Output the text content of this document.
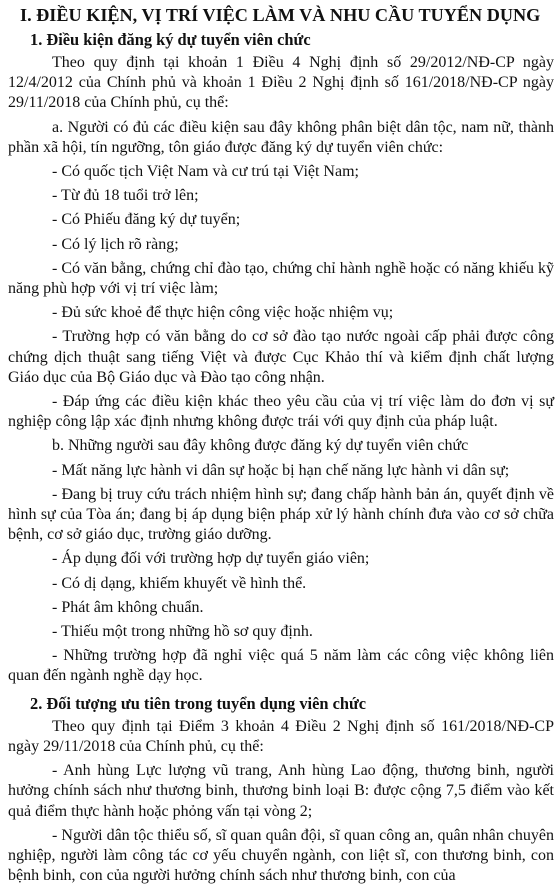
I. ĐIỀU KIỆN, VỊ TRÍ VIỆC LÀM VÀ NHU CẦU TUYỂN DỤNG
1. Điều kiện đăng ký dự tuyển viên chức

Theo quy định tại khoản 1 Điều 4 Nghị định số 29/2012/NĐ-CP ngày 12/4/2012 của Chính phủ và khoản 1 Điều 2 Nghị định số 161/2018/NĐ-CP ngày 29/11/2018 của Chính phủ, cụ thể:

a. Người có đủ các điều kiện sau đây không phân biệt dân tộc, nam nữ, thành phần xã hội, tín ngưỡng, tôn giáo được đăng ký dự tuyển viên chức:

- Có quốc tịch Việt Nam và cư trú tại Việt Nam;

- Từ đủ 18 tuổi trở lên;

- Có Phiếu đăng ký dự tuyển;

- Có lý lịch rõ ràng;

- Có văn bằng, chứng chỉ đào tạo, chứng chỉ hành nghề hoặc có năng khiếu kỹ năng phù hợp với vị trí việc làm;

- Đủ sức khoẻ để thực hiện công việc hoặc nhiệm vụ;

- Trường hợp có văn bằng do cơ sở đào tạo nước ngoài cấp phải được công chứng dịch thuật sang tiếng Việt và được Cục Khảo thí và kiểm định chất lượng Giáo dục của Bộ Giáo dục và Đào tạo công nhận.

- Đáp ứng các điều kiện khác theo yêu cầu của vị trí việc làm do đơn vị sự nghiệp công lập xác định nhưng không được trái với quy định của pháp luật.

b. Những người sau đây không được đăng ký dự tuyển viên chức

- Mất năng lực hành vi dân sự hoặc bị hạn chế năng lực hành vi dân sự;

- Đang bị truy cứu trách nhiệm hình sự; đang chấp hành bản án, quyết định về hình sự của Tòa án; đang bị áp dụng biện pháp xử lý hành chính đưa vào cơ sở chữa bệnh, cơ sở giáo dục, trường giáo dưỡng.

- Áp dụng đối với trường hợp dự tuyển giáo viên;

- Có dị dạng, khiếm khuyết về hình thể.

- Phát âm không chuẩn.

- Thiếu một trong những hồ sơ quy định.

- Những trường hợp đã nghỉ việc quá 5 năm làm các công việc không liên quan đến ngành nghề dạy học.

2. Đối tượng ưu tiên trong tuyển dụng viên chức

Theo quy định tại Điểm 3 khoản 4 Điều 2 Nghị định số 161/2018/NĐ-CP ngày 29/11/2018 của Chính phủ, cụ thể:

- Anh hùng Lực lượng vũ trang, Anh hùng Lao động, thương binh, người hưởng chính sách như thương binh, thương binh loại B: được cộng 7,5 điểm vào kết quả điểm thực hành hoặc phỏng vấn tại vòng 2;

- Người dân tộc thiểu số, sĩ quan quân đội, sĩ quan công an, quân nhân chuyên nghiệp, người làm công tác cơ yếu chuyển ngành, con liệt sĩ, con thương binh, con bệnh binh, con của người hưởng chính sách như thương binh, con của
